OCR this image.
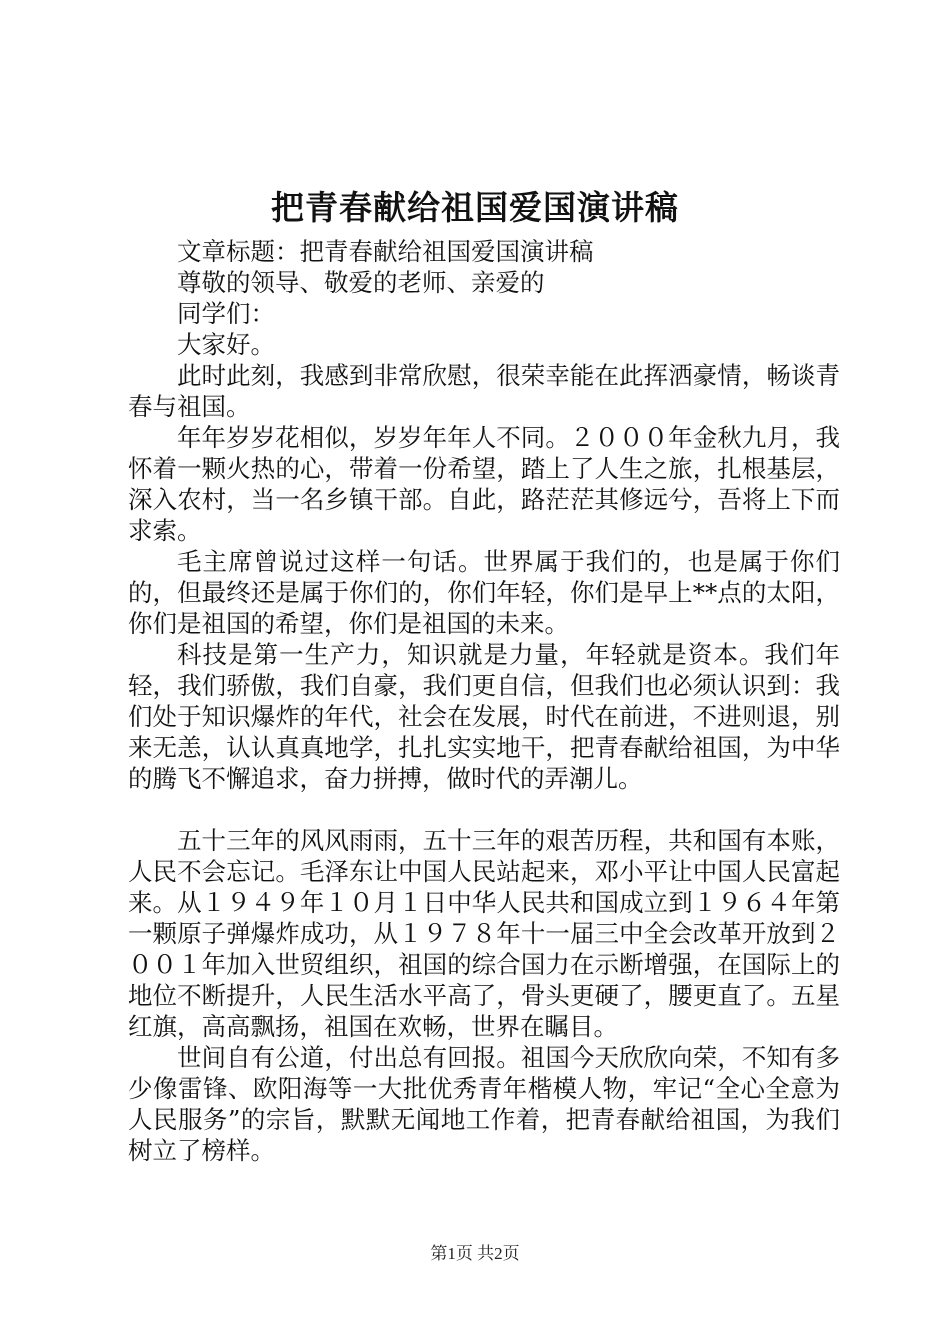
把青春献给祖国爱国演讲稿

文章标题：把青春献给祖国爱国演讲稿

尊敬的领导、敬爱的老师、亲爱的

同学们：

大家好。

此时此刻，我感到非常欣慰，很荣幸能在此挥洒豪情，畅谈青春与祖国。

年年岁岁花相似，岁岁年年人不同。２０００年金秋九月，我怀着一颗火热的心，带着一份希望，踏上了人生之旅，扎根基层，深入农村，当一名乡镇干部。自此，路茫茫其修远兮，吾将上下而求索。

毛主席曾说过这样一句话。世界属于我们的，也是属于你们的，但最终还是属于你们的，你们年轻，你们是早上**点的太阳，你们是祖国的希望，你们是祖国的未来。

科技是第一生产力，知识就是力量，年轻就是资本。我们年轻，我们骄傲，我们自豪，我们更自信，但我们也必须认识到：我们处于知识爆炸的年代，社会在发展，时代在前进，不进则退，别来无恙，认认真真地学，扎扎实实地干，把青春献给祖国，为中华的腾飞不懈追求，奋力拼搏，做时代的弄潮儿。

五十三年的风风雨雨，五十三年的艰苦历程，共和国有本账，人民不会忘记。毛泽东让中国人民站起来，邓小平让中国人民富起来。从１９４９年１０月１日中华人民共和国成立到１９６４年第一颗原子弹爆炸成功，从１９７８年十一届三中全会改革开放到２００１年加入世贸组织，祖国的综合国力在示断增强，在国际上的地位不断提升，人民生活水平高了，骨头更硬了，腰更直了。五星红旗，高高飘扬，祖国在欢畅，世界在瞩目。

世间自有公道，付出总有回报。祖国今天欣欣向荣，不知有多少像雷锋、欧阳海等一大批优秀青年楷模人物，牢记“全心全意为人民服务”的宗旨，默默无闻地工作着，把青春献给祖国，为我们树立了榜样。

第1页 共2页
